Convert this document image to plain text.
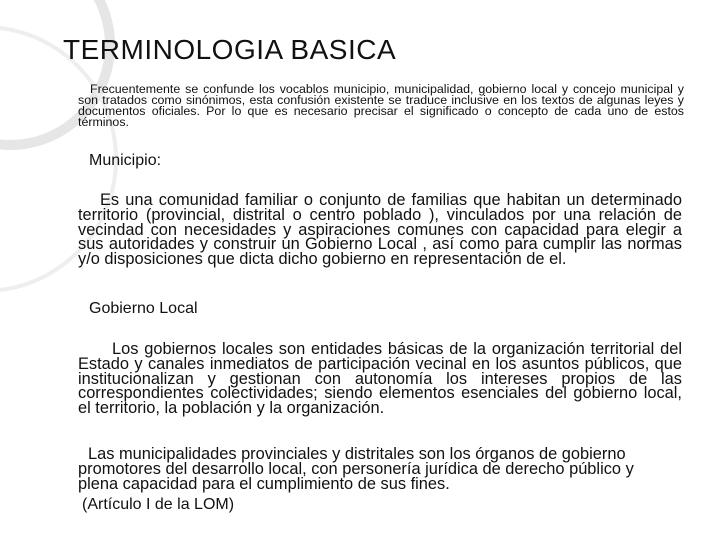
TERMINOLOGIA BASICA

Frecuentemente se confunde los vocablos municipio, municipalidad, gobierno local y concejo municipal y son tratados como sinónimos, esta confusión existente se traduce inclusive en los textos de algunas leyes y documentos oficiales. Por lo que es necesario precisar el significado o concepto de cada uno de estos términos.

Municipio:

Es una comunidad familiar o conjunto de familias que habitan un determinado territorio (provincial, distrital o centro poblado ), vinculados por una relación de vecindad con necesidades y aspiraciones comunes con capacidad para elegir a sus autoridades y construir un Gobierno Local , así como para cumplir las normas y/o disposiciones que dicta dicho gobierno en representación de el.

Gobierno Local

Los gobiernos locales son entidades básicas de la organización territorial del Estado y canales inmediatos de participación vecinal en los asuntos públicos, que institucionalizan y gestionan con autonomía los intereses propios de las correspondientes colectividades; siendo elementos esenciales del gobierno local, el territorio, la población y la organización.

Las municipalidades provinciales y distritales son los órganos de gobierno promotores del desarrollo local, con personería jurídica de derecho público y plena capacidad para el cumplimiento de sus fines.

(Artículo I de la LOM)
